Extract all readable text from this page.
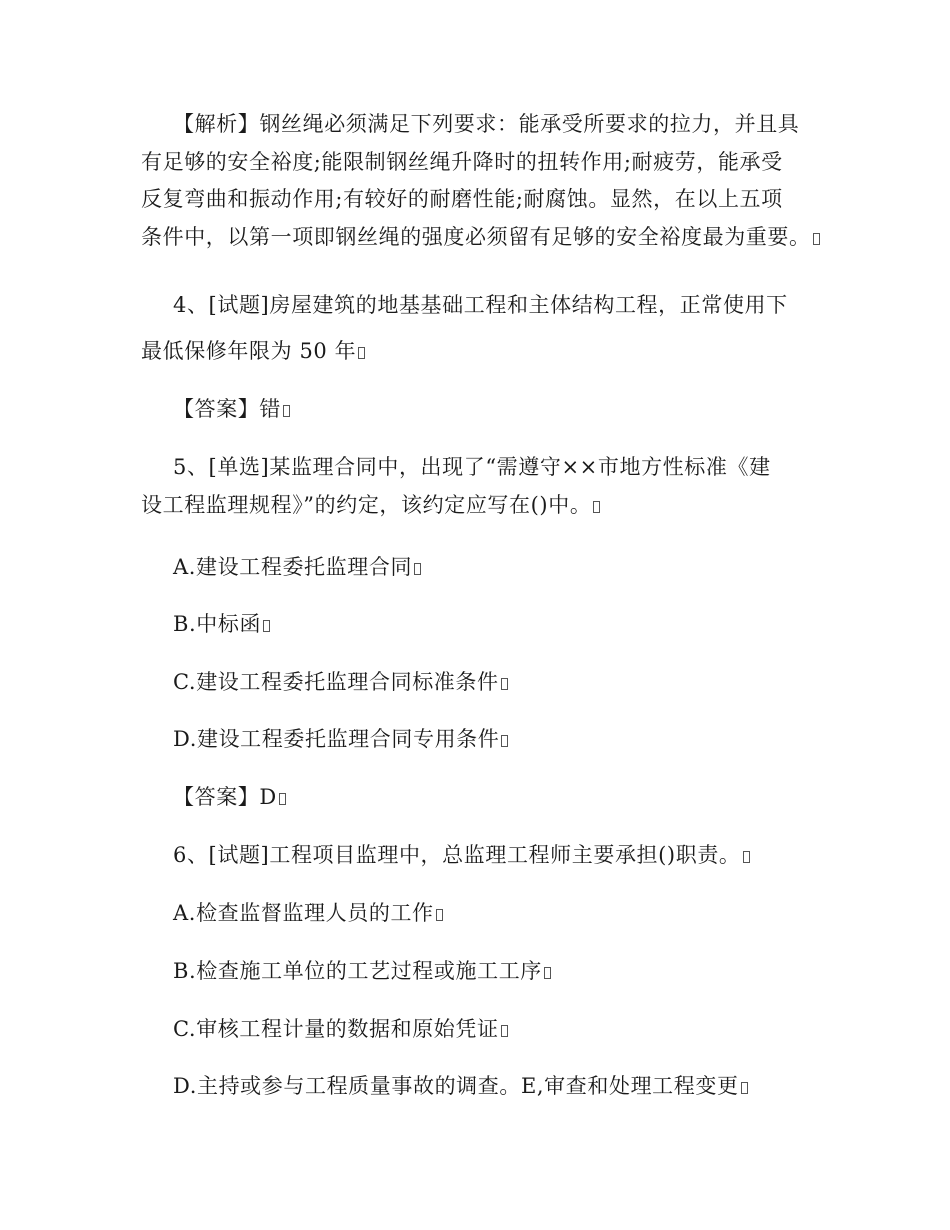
【解析】钢丝绳必须满足下列要求：能承受所要求的拉力，并且具
有足够的安全裕度;能限制钢丝绳升降时的扭转作用;耐疲劳，能承受
反复弯曲和振动作用;有较好的耐磨性能;耐腐蚀。显然，在以上五项
条件中，以第一项即钢丝绳的强度必须留有足够的安全裕度最为重要。
4、[试题]房屋建筑的地基基础工程和主体结构工程，正常使用下
最低保修年限为 50 年
【答案】错
5、[单选]某监理合同中，出现了“需遵守××市地方性标准《建
设工程监理规程》”的约定，该约定应写在()中。
A.建设工程委托监理合同
B.中标函
C.建设工程委托监理合同标准条件
D.建设工程委托监理合同专用条件
【答案】D
6、[试题]工程项目监理中，总监理工程师主要承担()职责。
A.检查监督监理人员的工作
B.检查施工单位的工艺过程或施工工序
C.审核工程计量的数据和原始凭证
D.主持或参与工程质量事故的调查。E,审查和处理工程变更
